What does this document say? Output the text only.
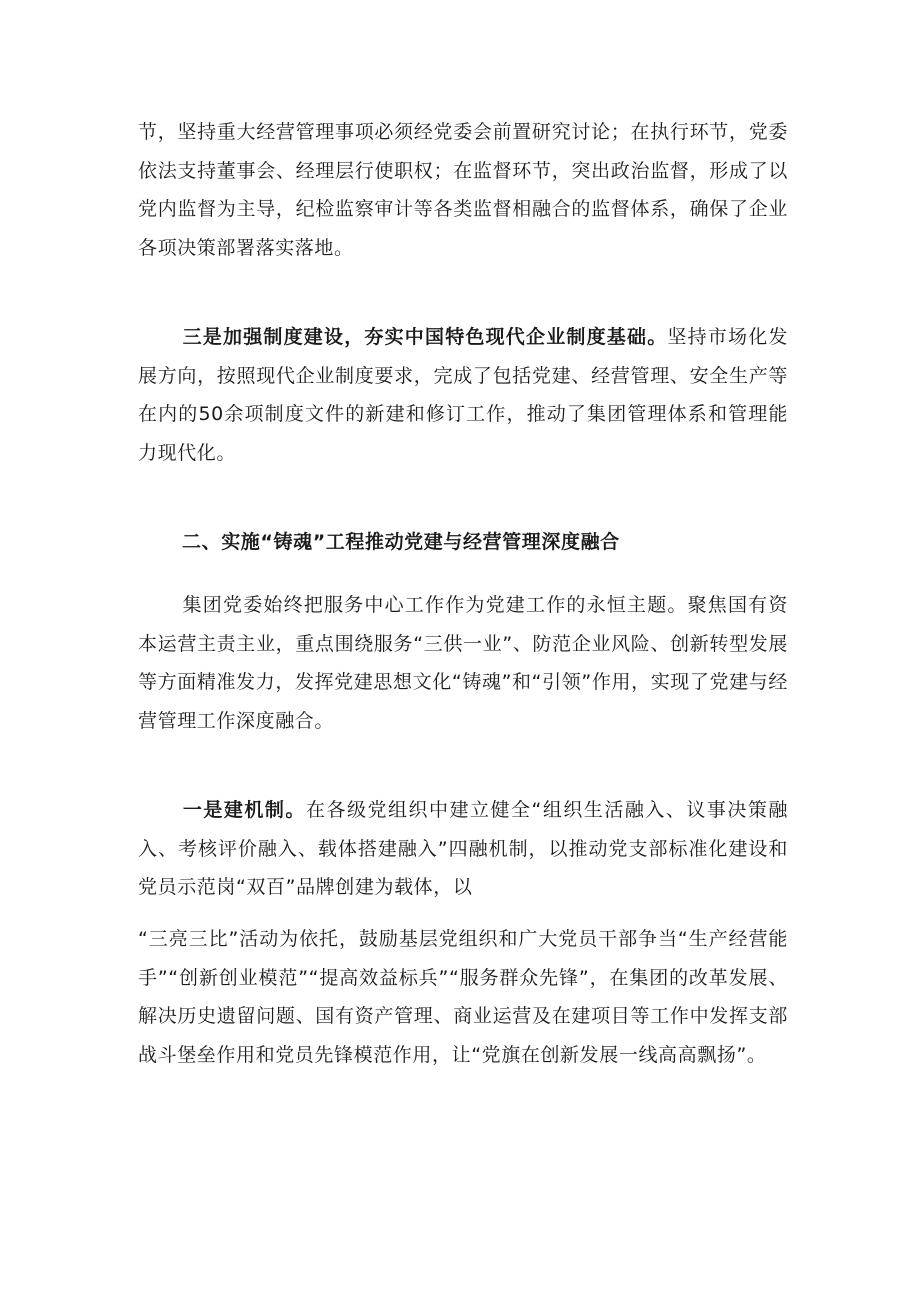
节，坚持重大经营管理事项必须经党委会前置研究讨论；在执行环节，党委依法支持董事会、经理层行使职权；在监督环节，突出政治监督，形成了以党内监督为主导，纪检监察审计等各类监督相融合的监督体系，确保了企业各项决策部署落实落地。

三是加强制度建设，夯实中国特色现代企业制度基础。坚持市场化发展方向，按照现代企业制度要求，完成了包括党建、经营管理、安全生产等在内的50余项制度文件的新建和修订工作，推动了集团管理体系和管理能力现代化。

二、实施“铸魂”工程推动党建与经营管理深度融合

集团党委始终把服务中心工作作为党建工作的永恒主题。聚焦国有资本运营主责主业，重点围绕服务“三供一业”、防范企业风险、创新转型发展等方面精准发力，发挥党建思想文化“铸魂”和“引领”作用，实现了党建与经营管理工作深度融合。

一是建机制。在各级党组织中建立健全“组织生活融入、议事决策融入、考核评价融入、载体搭建融入”四融机制，以推动党支部标准化建设和党员示范岗“双百”品牌创建为载体，以

“三亮三比”活动为依托，鼓励基层党组织和广大党员干部争当“生产经营能手”“创新创业模范”“提高效益标兵”“服务群众先锋”，在集团的改革发展、解决历史遗留问题、国有资产管理、商业运营及在建项目等工作中发挥支部战斗堡垒作用和党员先锋模范作用，让“党旗在创新发展一线高高飘扬”。
